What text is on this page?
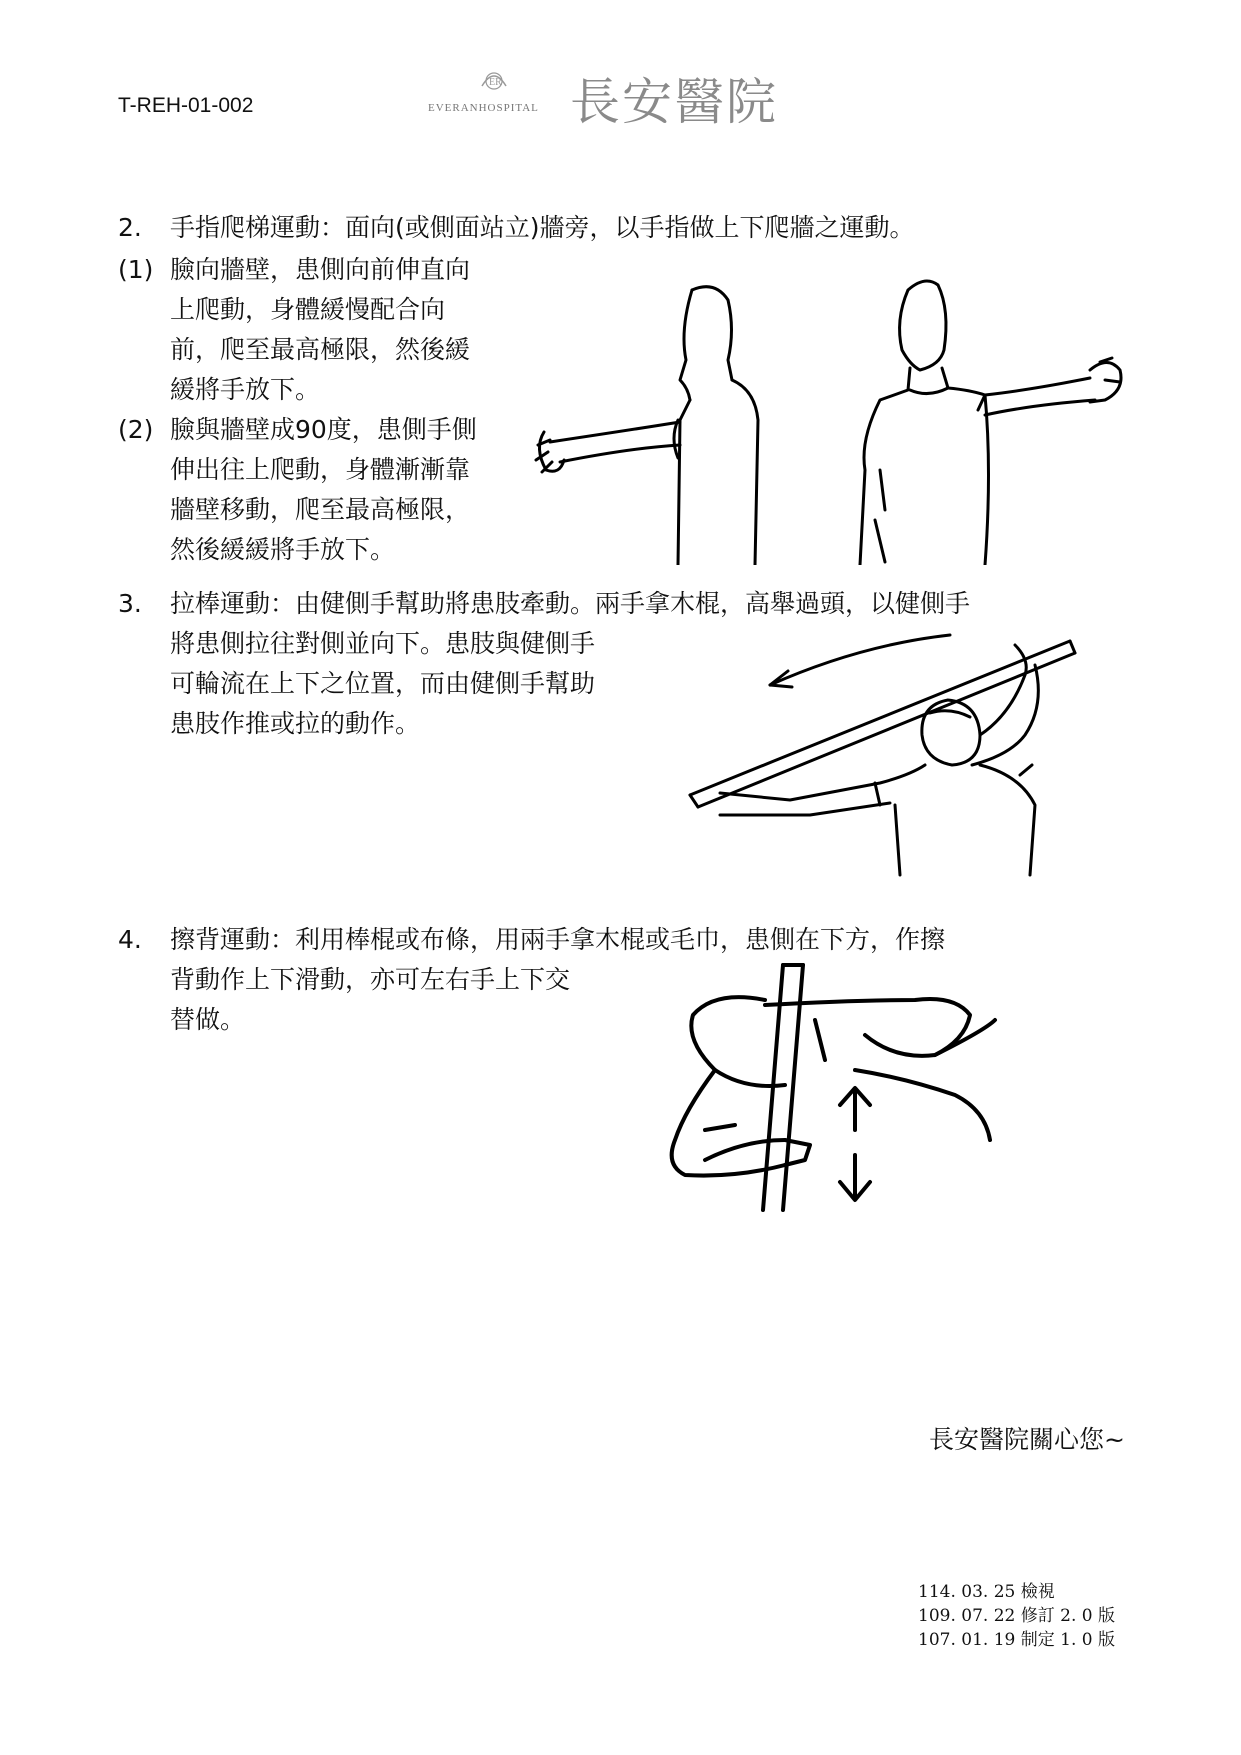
T-REH-01-002
ER
EVERANHOSPITAL 長安醫院
2. 手指爬梯運動：面向(或側面站立)牆旁，以手指做上下爬牆之運動。
(1) 臉向牆壁，患側向前伸直向
上爬動，身體緩慢配合向
前，爬至最高極限，然後緩
緩將手放下。
(2) 臉與牆壁成90度，患側手側
伸出往上爬動，身體漸漸靠
牆壁移動，爬至最高極限，
然後緩緩將手放下。
3. 拉棒運動：由健側手幫助將患肢牽動。兩手拿木棍，高舉過頭，以健側手
將患側拉往對側並向下。患肢與健側手
可輪流在上下之位置，而由健側手幫助
患肢作推或拉的動作。
4. 擦背運動：利用棒棍或布條，用兩手拿木棍或毛巾，患側在下方，作擦
背動作上下滑動，亦可左右手上下交
替做。
長安醫院關心您~
114. 03. 25 檢視
109. 07. 22 修訂 2. 0 版
107. 01. 19 制定 1. 0 版
